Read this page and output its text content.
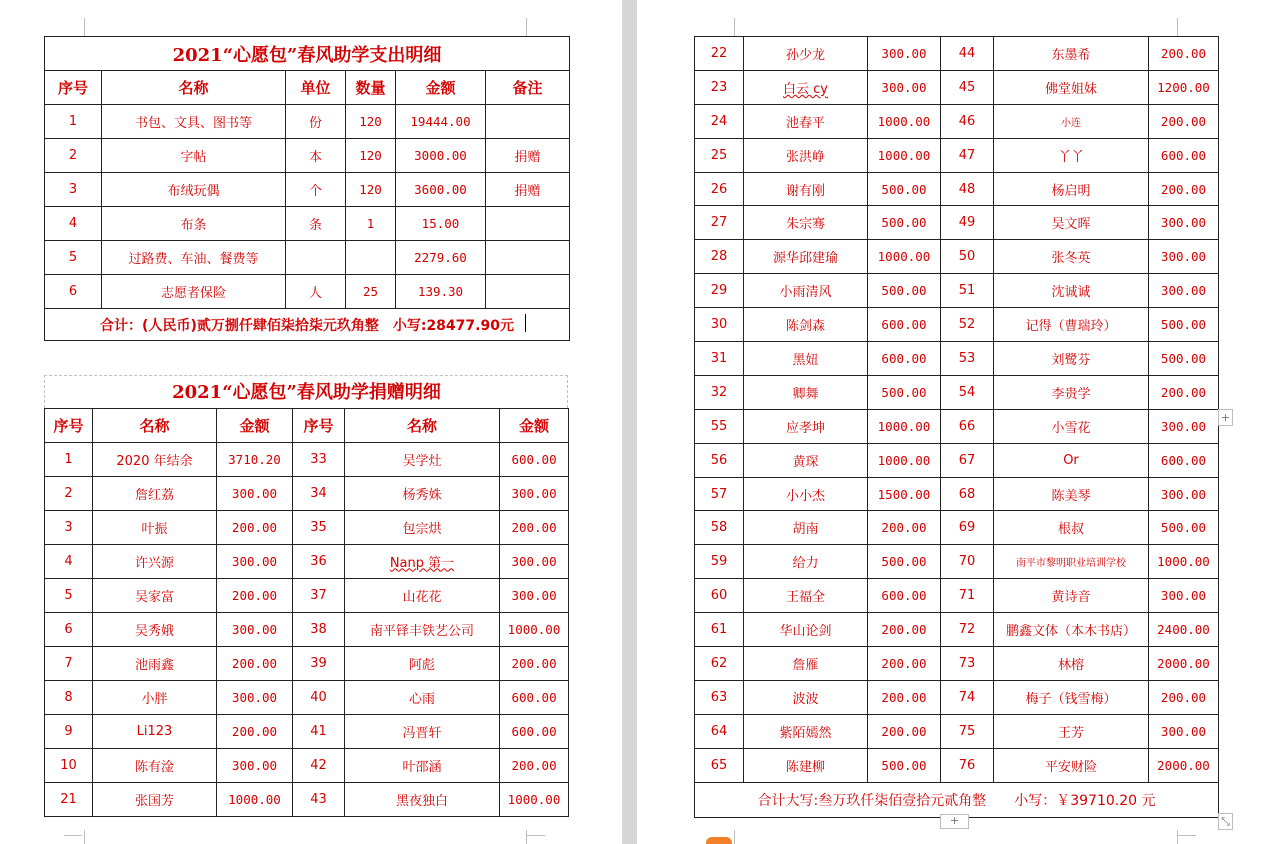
2021“心愿包”春风助学支出明细					
序号	名称	单位	数量	金额	备注
1	书包、文具、图书等	份	120	19444.00	
2	字帖	本	120	3000.00	捐赠
3	布绒玩偶	个	120	3600.00	捐赠
4	布条	条	1	15.00	
5	过路费、车油、餐费等			2279.60	
6	志愿者保险	人	25	139.30	
合计：(人民币)贰万捌仟肆佰柒拾柒元玖角整　小写:28477.90元					
2021“心愿包”春风助学捐赠明细					
序号	名称	金额	序号	名称	金额
1	2020 年结余	3710.20	33	吴学灶	600.00
2	詹红荔	300.00	34	杨秀姝	300.00
3	叶振	200.00	35	包宗烘	200.00
4	许兴源	300.00	36	Nanp 第一	300.00
5	吴家富	200.00	37	山花花	300.00
6	吴秀娥	300.00	38	南平铎丰铁艺公司	1000.00
7	池雨鑫	200.00	39	阿彪	200.00
8	小胖	300.00	40	心雨	600.00
9	Li123	200.00	41	冯晋轩	600.00
10	陈有淦	300.00	42	叶邵涵	200.00
21	张国芳	1000.00	43	黑夜独白	1000.00
22	孙少龙	300.00	44	东墨希	200.00
23	白云 cy	300.00	45	佛堂姐妹	1200.00
24	池春平	1000.00	46	小连	200.00
25	张洪峥	1000.00	47	丫丫	600.00
26	谢有刚	500.00	48	杨启明	200.00
27	朱宗骞	500.00	49	吴文晖	300.00
28	源华邱建瑜	1000.00	50	张冬英	300.00
29	小雨清风	500.00	51	沈诚诚	300.00
30	陈剑森	600.00	52	记得（曹瑞玲）	500.00
31	黑妞	600.00	53	刘鹭芬	500.00
32	卿舞	500.00	54	李贵学	200.00
55	应孝坤	1000.00	66	小雪花	300.00
56	黄琛	1000.00	67	Or	600.00
57	小小杰	1500.00	68	陈美琴	300.00
58	胡南	200.00	69	根叔	500.00
59	给力	500.00	70	南平市黎明职业培训学校	1000.00
60	王福全	600.00	71	黄诗音	300.00
61	华山论剑	200.00	72	鹏鑫文体（本木书店）	2400.00
62	詹雁	200.00	73	林榕	2000.00
63	波波	200.00	74	梅子（钱雪梅）	200.00
64	紫陌嫣然	200.00	75	王芳	300.00
65	陈建柳	500.00	76	平安财险	2000.00
合计大写:叁万玖仟柒佰壹拾元贰角整　　小写：￥39710.20 元					
+
+
⤡
